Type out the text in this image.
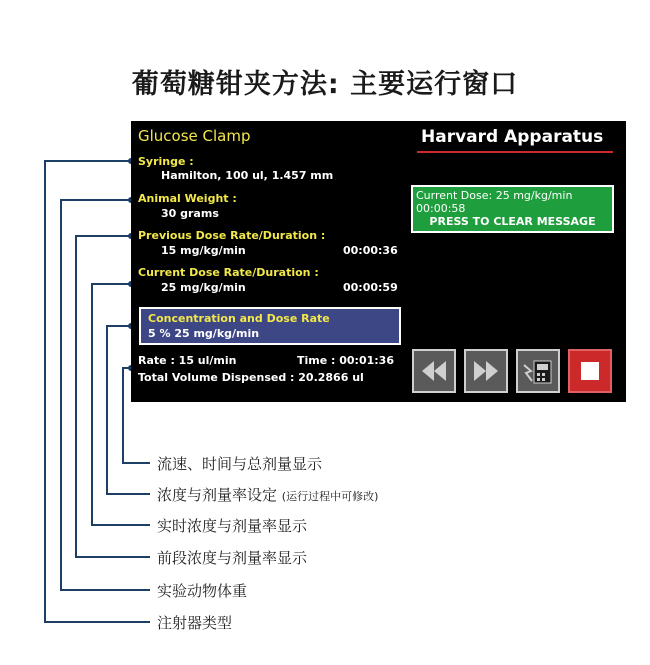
葡萄糖钳夹方法: 主要运行窗口
Glucose Clamp	Harvard Apparatus
Syringe :
Hamilton, 100 ul, 1.457 mm
Animal Weight :
30 grams
Previous Dose Rate/Duration :
15 mg/kg/min	00:00:36
Current Dose Rate/Duration :
25 mg/kg/min	00:00:59
Concentration and Dose Rate
5 % 25 mg/kg/min
Rate : 15 ul/min	Time : 00:01:36
Total Volume Dispensed : 20.2866 ul
Current Dose: 25 mg/kg/min
00:00:58
PRESS TO CLEAR MESSAGE
流速、时间与总剂量显示
浓度与剂量率设定 (运行过程中可修改)
实时浓度与剂量率显示
前段浓度与剂量率显示
实验动物体重
注射器类型
